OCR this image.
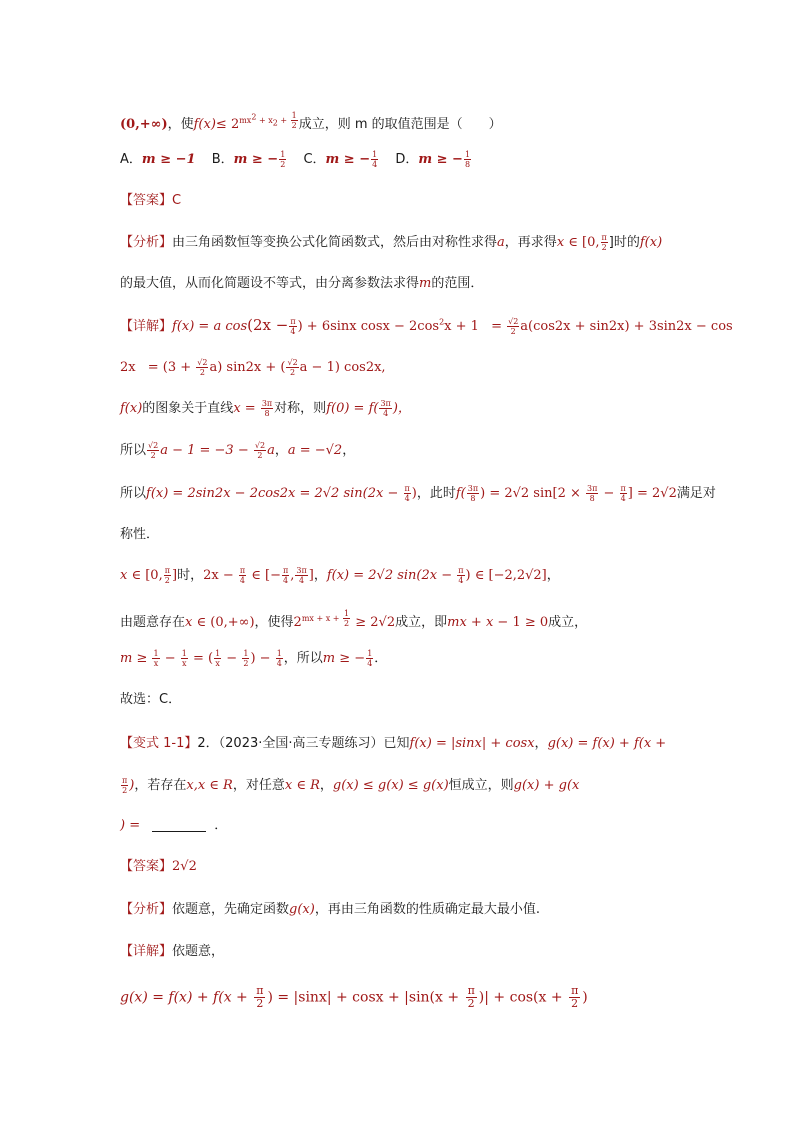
(0,+∞)，使$f(x)\le 2^{mx^2 + x_2 + \frac{1}{2}}$ 成立，则 m 的取值范围是（　　）
A．m ≥ −1 B．m ≥ − $\frac{1}{2}$ C．m ≥ − $\frac{1}{4}$ D．m ≥ − $\frac{1}{8}$
【答案】C
【分析】由三角函数恒等变换公式化简函数式，然后由对称性求得a，再求得x ∈ [0, $\frac{\pi}{2}$ ]时的f(x)
的最大值，从而化简题设不等式，由分离参数法求得m的范围．
【详解】f(x) = a $\cos(2x - \frac{\pi}{4}$ ) + 6sinx $\cos x - 2\cos^2x + 1 = \frac{√2}{2} a(\cos 2x + \sin 2x) + 3\sin 2x - \cos$
$2x = (3 + \frac{√2}{2} a)$ sin2x + ( $\frac{√2}{2}$ a − 1) cos2x,
f(x)的图象关于直线$x = \frac{3\pi}{8}$ 对称，则$f(0) = f( \frac{3\pi}{4}$ )，
所以 $\frac{√2}{2}$ $a - 1 = -3 - \frac{√2}{2}$ a，a = −√2，
所以f(x) = 2sin2x − 2cos2x = 2√2 $\sin(2x - \frac{\pi}{4}$ )，此时$f( \frac{3\pi}{8}$ ) = 2√2 $\sin[2 \times \frac{3\pi}{8} - \frac{\pi}{4}$ ] = 2√2满足对
称性．
x ∈ [0, $\frac{\pi}{2}$ ]时，$2x - \frac{\pi}{4}$ ∈ [− $\frac{\pi}{4}$ , $\frac{3\pi}{4}$ ]，f(x) = 2√2 $\sin(2x - \frac{\pi}{4}$ ) ∈ [−2,2√2]，
由题意存在x ∈ (0,+∞)，使得$2^{mx + x + \frac{1}{2}} \ge 2√2$成立，即mx + x − 1 ≥ 0成立，
$m \ge \frac{1}{x} - \frac{1}{x}$ = ( $\frac{1}{x} - \frac{1}{2}$ ) − $\frac{1}{4}$ ，所以m ≥ − $\frac{1}{4}$ ．
故选：C．
【变式 1-1】2．（2023·全国·高三专题练习）已知f(x) = |sinx| + cosx，g(x) = f(x) + f(x +
$\frac{\pi}{2}$ )，若存在x,x ∈ R，对任意x ∈ R，g(x) ≤ g(x) ≤ g(x)恒成立，则g(x) + g(x
) =	．
【答案】2√2
【分析】依题意，先确定函数g(x)，再由三角函数的性质确定最大最小值.
【详解】依题意，
$g(x) = f(x) + f(x + \frac{\pi}{2}$ ) = $|\sin x| + \cos x + |\sin(x + \frac{\pi}{2}$ )| + $\cos(x + \frac{\pi}{2}$ )
